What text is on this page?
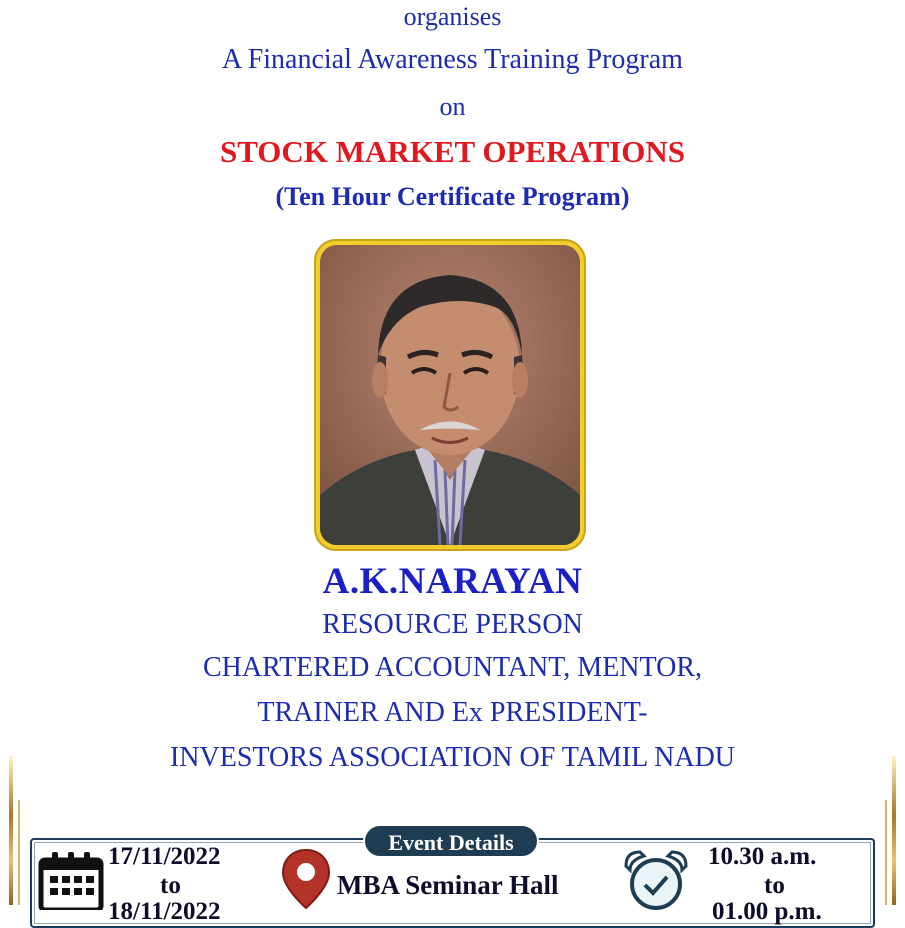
organises
A Financial Awareness Training Program
on
STOCK MARKET OPERATIONS
(Ten Hour Certificate Program)
A.K.NARAYAN
RESOURCE PERSON
CHARTERED ACCOUNTANT, MENTOR,
TRAINER AND Ex PRESIDENT-
INVESTORS ASSOCIATION OF TAMIL NADU
Event Details
17/11/2022
to
18/11/2022
MBA Seminar Hall
10.30 a.m.
to
01.00 p.m.
